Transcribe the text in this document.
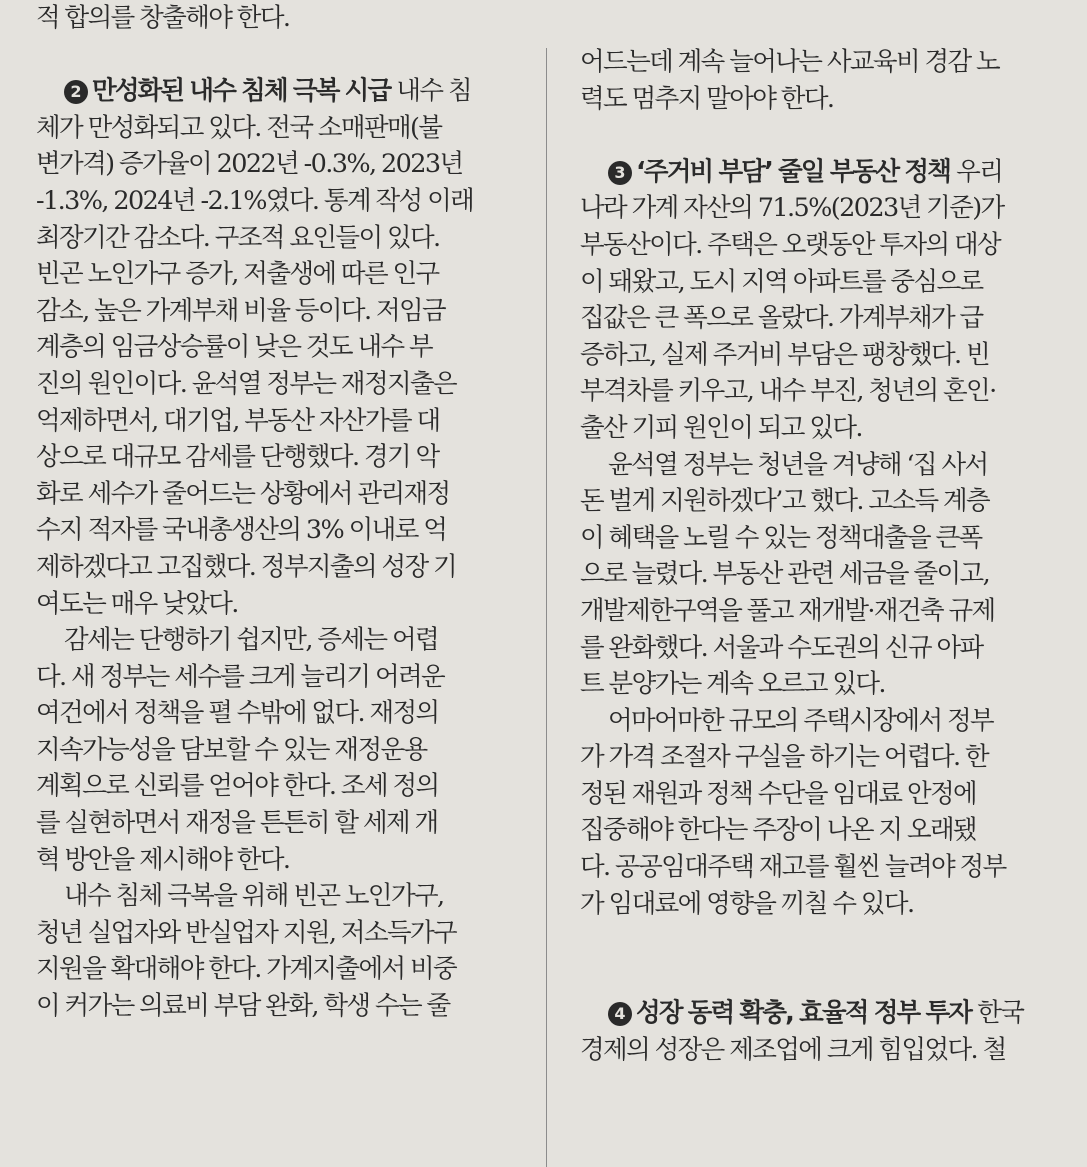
적 합의를 창출해야 한다.

2 만성화된 내수 침체 극복 시급 내수 침
체가 만성화되고 있다. 전국 소매판매(불
변가격) 증가율이 2022년 -0.3%, 2023년
-1.3%, 2024년 -2.1%였다. 통계 작성 이래
최장기간 감소다. 구조적 요인들이 있다.
빈곤 노인가구 증가, 저출생에 따른 인구
감소, 높은 가계부채 비율 등이다. 저임금
계층의 임금상승률이 낮은 것도 내수 부
진의 원인이다. 윤석열 정부는 재정지출은
억제하면서, 대기업, 부동산 자산가를 대
상으로 대규모 감세를 단행했다. 경기 악
화로 세수가 줄어드는 상황에서 관리재정
수지 적자를 국내총생산의 3% 이내로 억
제하겠다고 고집했다. 정부지출의 성장 기
여도는 매우 낮았다.

감세는 단행하기 쉽지만, 증세는 어렵
다. 새 정부는 세수를 크게 늘리기 어려운
여건에서 정책을 펼 수밖에 없다. 재정의
지속가능성을 담보할 수 있는 재정운용
계획으로 신뢰를 얻어야 한다. 조세 정의
를 실현하면서 재정을 튼튼히 할 세제 개
혁 방안을 제시해야 한다.

내수 침체 극복을 위해 빈곤 노인가구,
청년 실업자와 반실업자 지원, 저소득가구
지원을 확대해야 한다. 가계지출에서 비중
이 커가는 의료비 부담 완화, 학생 수는 줄

어드는데 계속 늘어나는 사교육비 경감 노
력도 멈추지 말아야 한다.

3 ‘주거비 부담’ 줄일 부동산 정책 우리
나라 가계 자산의 71.5%(2023년 기준)가
부동산이다. 주택은 오랫동안 투자의 대상
이 돼왔고, 도시 지역 아파트를 중심으로
집값은 큰 폭으로 올랐다. 가계부채가 급
증하고, 실제 주거비 부담은 팽창했다. 빈
부격차를 키우고, 내수 부진, 청년의 혼인·
출산 기피 원인이 되고 있다.

윤석열 정부는 청년을 겨냥해 ‘집 사서
돈 벌게 지원하겠다’고 했다. 고소득 계층
이 혜택을 노릴 수 있는 정책대출을 큰폭
으로 늘렸다. 부동산 관련 세금을 줄이고,
개발제한구역을 풀고 재개발·재건축 규제
를 완화했다. 서울과 수도권의 신규 아파
트 분양가는 계속 오르고 있다.

어마어마한 규모의 주택시장에서 정부
가 가격 조절자 구실을 하기는 어렵다. 한
정된 재원과 정책 수단을 임대료 안정에
집중해야 한다는 주장이 나온 지 오래됐
다. 공공임대주택 재고를 훨씬 늘려야 정부
가 임대료에 영향을 끼칠 수 있다.

4 성장 동력 확충, 효율적 정부 투자 한국
경제의 성장은 제조업에 크게 힘입었다. 철
